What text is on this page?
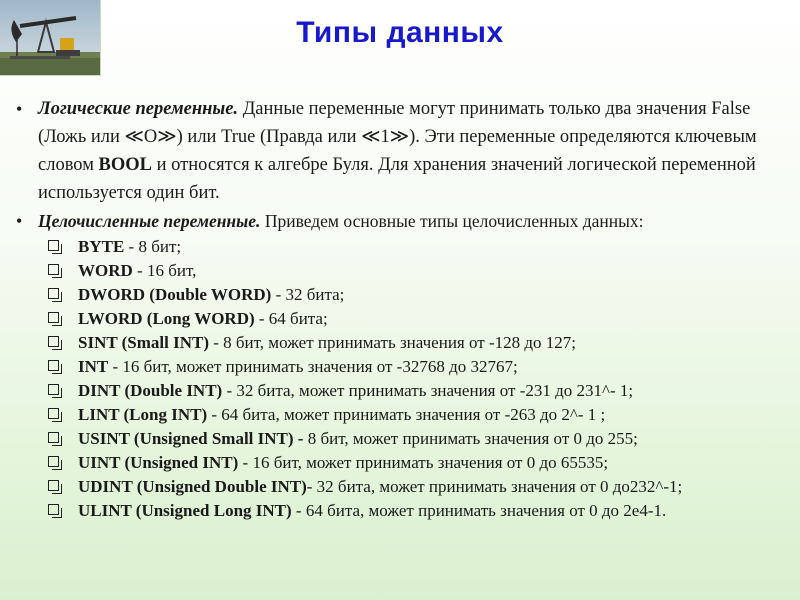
Типы данных
• Логические переменные. Данные переменные могут принимать только два значения False (Ложь или ≪О≫) или True (Правда или ≪1≫). Эти переменные определяются ключевым словом BOOL и относятся к алгебре Буля. Для хранения значений логической переменной используется один бит.
• Целочисленные переменные. Приведем основные типы целочисленных данных:
BYTE - 8 бит;
WORD - 16 бит,
DWORD (Double WORD) - 32 бита;
LWORD (Long WORD) - 64 бита;
SINT (Small INT) - 8 бит, может принимать значения от -128 до 127;
INT - 16 бит, может принимать значения от -32768 до 32767;
DINT (Double INT) - 32 бита, может принимать значения от -231 до 231^- 1;
LINT (Long INT) - 64 бита, может принимать значения от -263 до 2^- 1 ;
USINT (Unsigned Small INT) - 8 бит, может принимать значения от 0 до 255;
UINT (Unsigned INT) - 16 бит, может принимать значения от 0 до 65535;
UDINT (Unsigned Double INT)- 32 бита, может принимать значения от 0 до232^-1;
ULINT (Unsigned Long INT) - 64 бита, может принимать значения от 0 до 2e4-1.
